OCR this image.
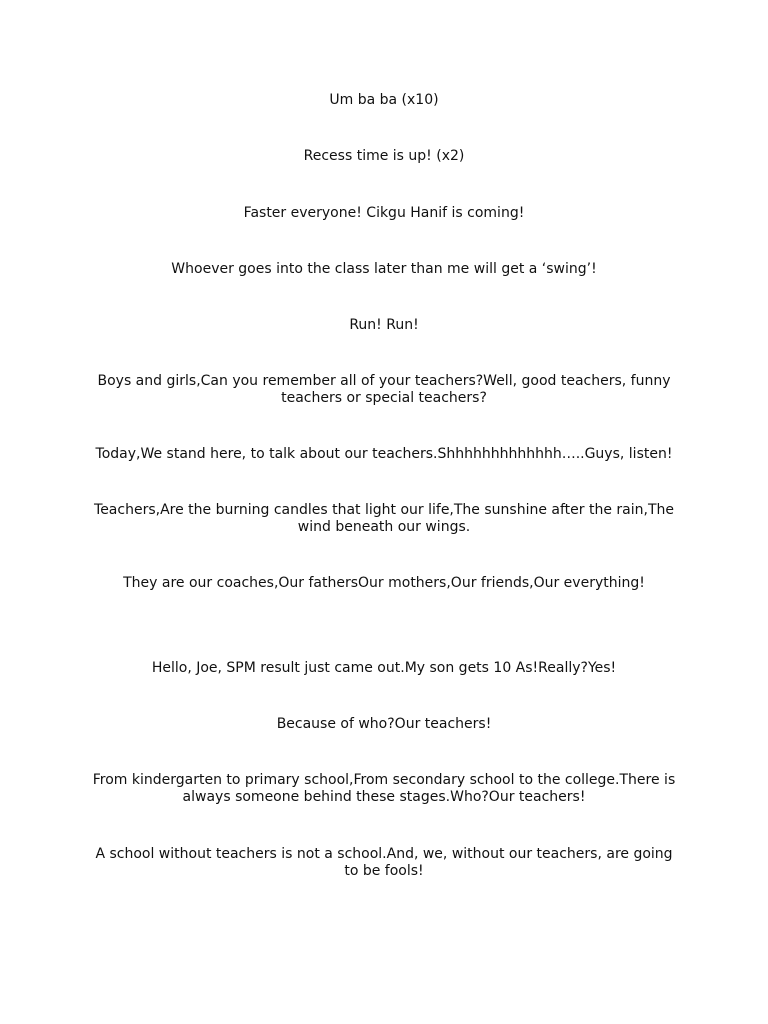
Um ba ba (x10)

Recess time is up! (x2)

Faster everyone! Cikgu Hanif is coming!

Whoever goes into the class later than me will get a ‘swing’!

Run! Run!

Boys and girls,Can you remember all of your teachers?Well, good teachers, funny teachers or special teachers?

Today,We stand here, to talk about our teachers.Shhhhhhhhhhhhh…..Guys, listen!

Teachers,Are the burning candles that light our life,The sunshine after the rain,The wind beneath our wings.

They are our coaches,Our fathersOur mothers,Our friends,Our everything!

Hello, Joe, SPM result just came out.My son gets 10 As!Really?Yes!

Because of who?Our teachers!

From kindergarten to primary school,From secondary school to the college.There is always someone behind these stages.Who?Our teachers!

A school without teachers is not a school.And, we, without our teachers, are going to be fools!
